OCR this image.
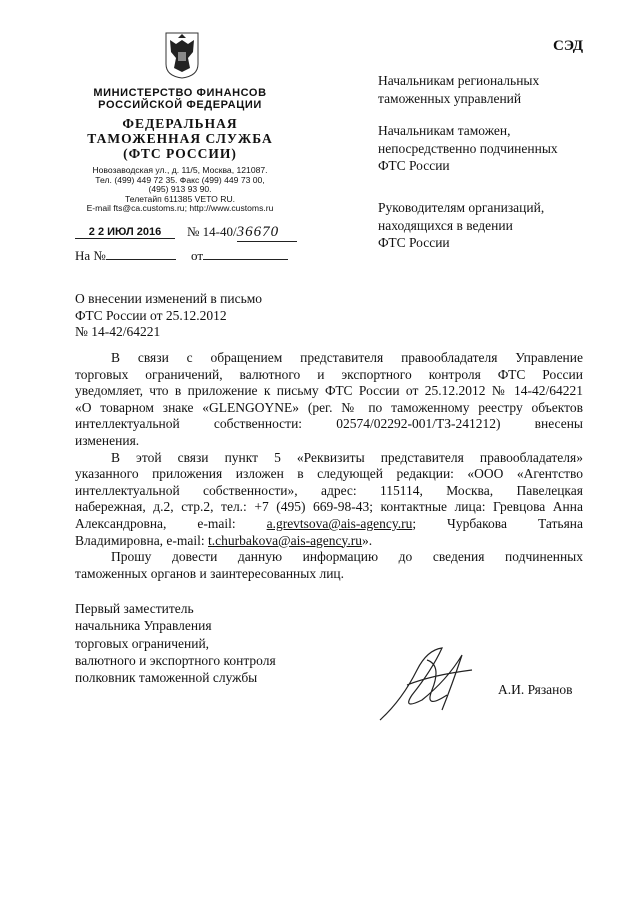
СЭД
МИНИСТЕРСТВО ФИНАНСОВ
РОССИЙСКОЙ ФЕДЕРАЦИИ
ФЕДЕРАЛЬНАЯ
ТАМОЖЕННАЯ СЛУЖБА
(ФТС РОССИИ)
Новозаводская ул., д. 11/5, Москва, 121087.
Тел. (499) 449 72 35. Факс (499) 449 73 00,
(495) 913 93 90.
Телетайп 611385 VETO RU.
E-mail fts@ca.customs.ru; http://www.customs.ru
2 2 ИЮЛ 2016	№ 14-40/36670
На №	от
Начальникам региональных
таможенных управлений
Начальникам таможен,
непосредственно подчиненных
ФТС России
Руководителям организаций,
находящихся в ведении
ФТС России
О внесении изменений в письмо
ФТС России от 25.12.2012
№ 14-42/64221
В связи с обращением представителя правообладателя Управление
торговых ограничений, валютного и экспортного контроля ФТС России
уведомляет, что в приложение к письму ФТС России от 25.12.2012 № 14-42/64221
«О товарном знаке «GLENGOYNE» (рег. № по таможенному реестру объектов
интеллектуальной собственности: 02574/02292-001/ТЗ-241212) внесены
изменения.
В этой связи пункт 5 «Реквизиты представителя правообладателя»
указанного приложения изложен в следующей редакции: «ООО «Агентство
интеллектуальной собственности», адрес: 115114, Москва, Павелецкая
набережная, д.2, стр.2, тел.: +7 (495) 669-98-43; контактные лица: Гревцова Анна
Александровна, e-mail: a.grevtsova@ais-agency.ru; Чурбакова Татьяна
Владимировна, e-mail: t.churbakova@ais-agency.ru».
Прошу довести данную информацию до сведения подчиненных
таможенных органов и заинтересованных лиц.
Первый заместитель
начальника Управления
торговых ограничений,
валютного и экспортного контроля
полковник таможенной службы
А.И. Рязанов
